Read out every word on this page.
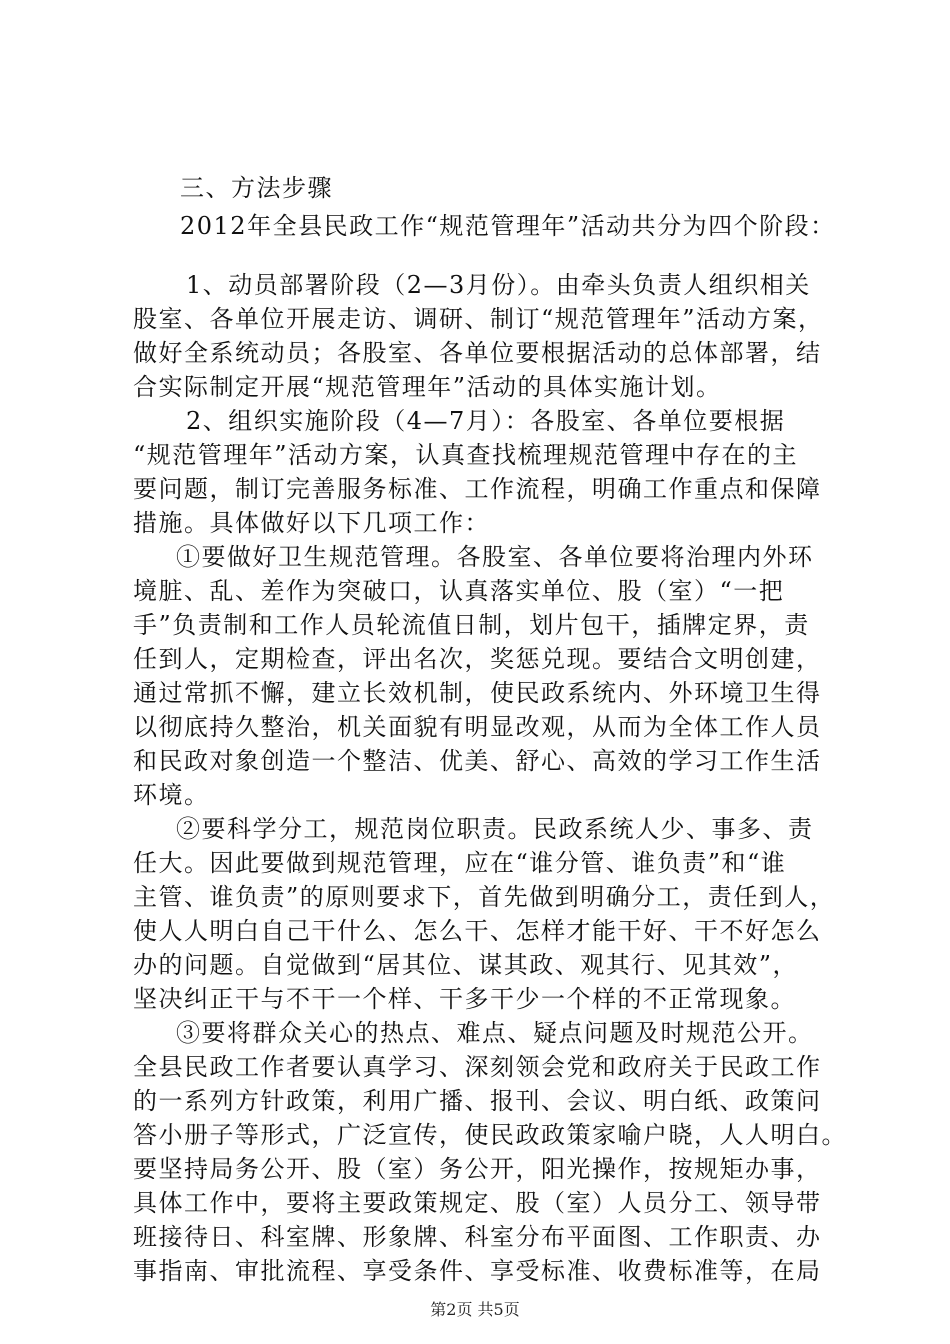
三、方法步骤
2012年全县民政工作“规范管理年”活动共分为四个阶段：
1、动员部署阶段（2—3月份）。由牵头负责人组织相关
股室、各单位开展走访、调研、制订“规范管理年”活动方案，
做好全系统动员；各股室、各单位要根据活动的总体部署，结
合实际制定开展“规范管理年”活动的具体实施计划。
2、组织实施阶段（4—7月）：各股室、各单位要根据
“规范管理年”活动方案，认真查找梳理规范管理中存在的主
要问题，制订完善服务标准、工作流程，明确工作重点和保障
措施。具体做好以下几项工作：
①要做好卫生规范管理。各股室、各单位要将治理内外环
境脏、乱、差作为突破口，认真落实单位、股（室）“一把
手”负责制和工作人员轮流值日制，划片包干，插牌定界，责
任到人，定期检查，评出名次，奖惩兑现。要结合文明创建，
通过常抓不懈，建立长效机制，使民政系统内、外环境卫生得
以彻底持久整治，机关面貌有明显改观，从而为全体工作人员
和民政对象创造一个整洁、优美、舒心、高效的学习工作生活
环境。
②要科学分工，规范岗位职责。民政系统人少、事多、责
任大。因此要做到规范管理，应在“谁分管、谁负责”和“谁
主管、谁负责”的原则要求下，首先做到明确分工，责任到人，
使人人明白自己干什么、怎么干、怎样才能干好、干不好怎么
办的问题。自觉做到“居其位、谋其政、观其行、见其效”，
坚决纠正干与不干一个样、干多干少一个样的不正常现象。
③要将群众关心的热点、难点、疑点问题及时规范公开。
全县民政工作者要认真学习、深刻领会党和政府关于民政工作
的一系列方针政策，利用广播、报刊、会议、明白纸、政策问
答小册子等形式，广泛宣传，使民政政策家喻户晓，人人明白。
要坚持局务公开、股（室）务公开，阳光操作，按规矩办事，
具体工作中，要将主要政策规定、股（室）人员分工、领导带
班接待日、科室牌、形象牌、科室分布平面图、工作职责、办
事指南、审批流程、享受条件、享受标准、收费标准等，在局
第2页 共5页
